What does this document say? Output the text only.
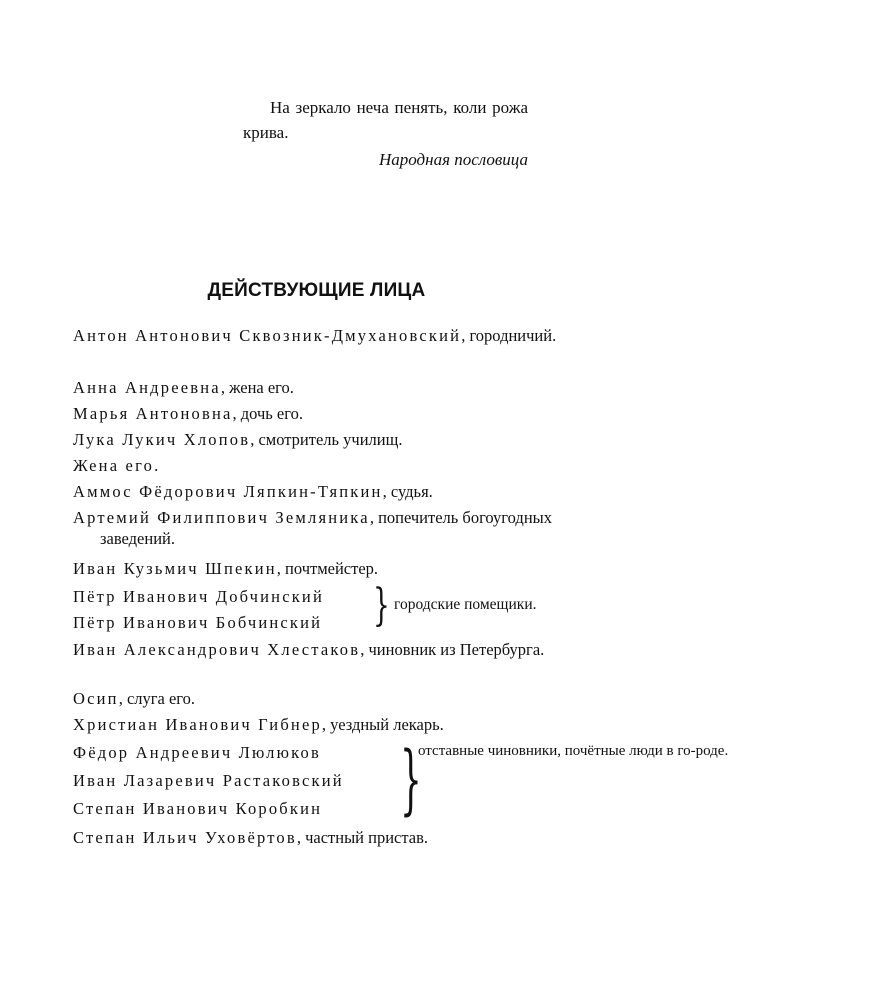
На зеркало неча пенять, коли рожа крива.
Народная пословица
ДЕЙСТВУЮЩИЕ ЛИЦА
Антон Антонович Сквозник-Дмухановский, городничий.
Анна Андреевна, жена его.
Марья Антоновна, дочь его.
Лука Лукич Хлопов, смотритель училищ.
Жена его.
Аммос Фёдорович Ляпкин-Тяпкин, судья.
Артемий Филиппович Земляника, попечитель богоугодных заведений.
Иван Кузьмич Шпекин, почтмейстер.
Пётр Иванович Добчинский
Пётр Иванович Бобчинский
Иван Александрович Хлестаков, чиновник из Петербурга.
Осип, слуга его.
Христиан Иванович Гибнер, уездный лекарь.
Фёдор Андреевич Люлюков
Иван Лазаревич Растаковский
Степан Иванович Коробкин
Степан Ильич Уховёртов, частный пристав.
} городские помещики.
}
отставные чиновники, почётные люди в го-роде.
